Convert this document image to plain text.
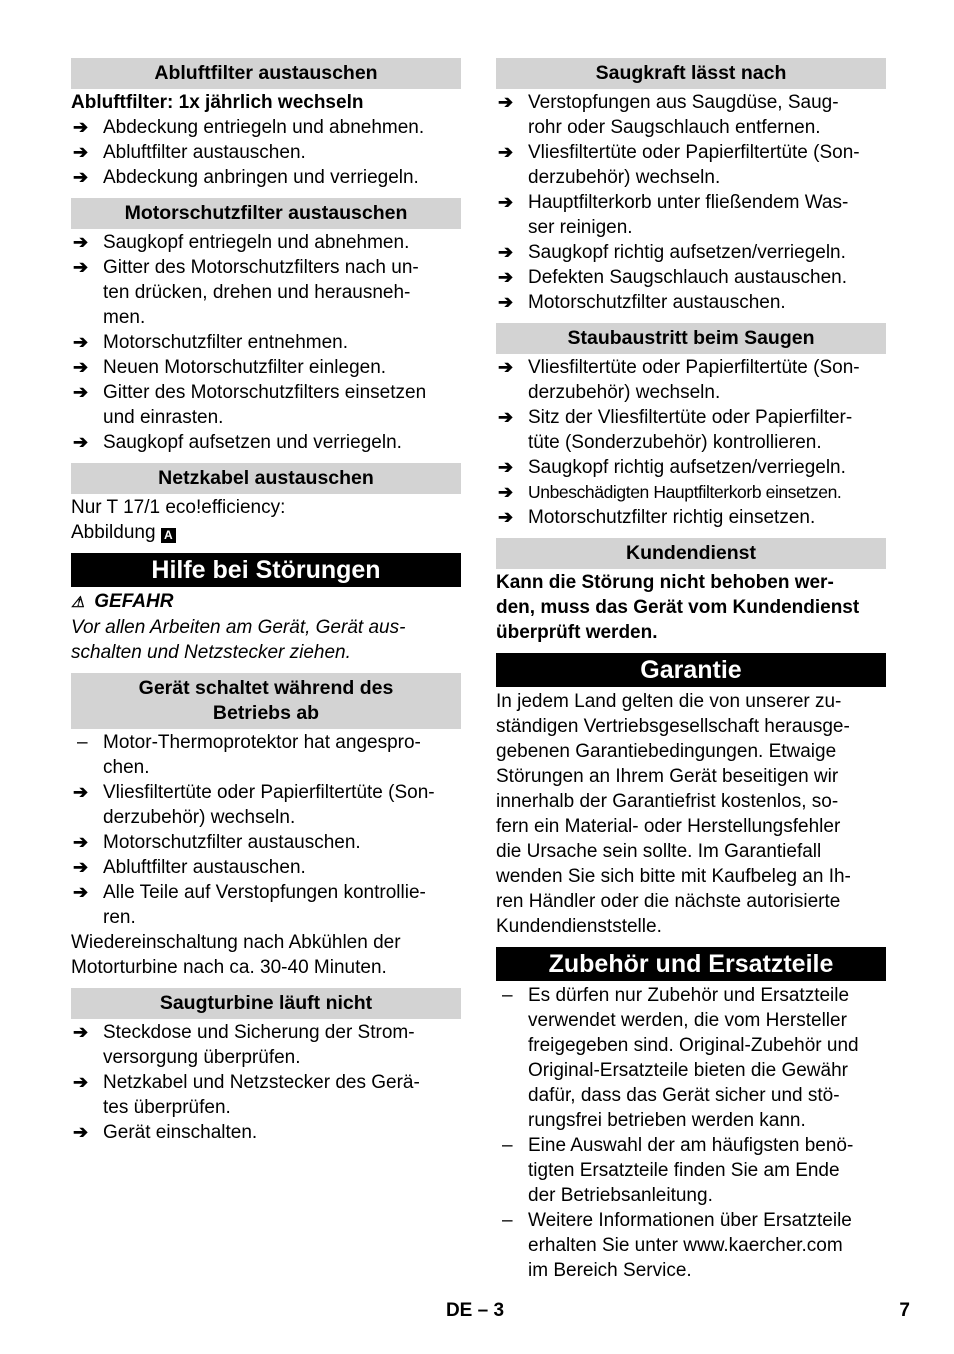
Abluftfilter austauschen
Abluftfilter: 1x jährlich wechseln
➔ Abdeckung entriegeln und abnehmen.
➔ Abluftfilter austauschen.
➔ Abdeckung anbringen und verriegeln.
Motorschutzfilter austauschen
➔ Saugkopf entriegeln und abnehmen.
➔ Gitter des Motorschutzfilters nach un-
ten drücken, drehen und herausneh-
men.
➔ Motorschutzfilter entnehmen.
➔ Neuen Motorschutzfilter einlegen.
➔ Gitter des Motorschutzfilters einsetzen
und einrasten.
➔ Saugkopf aufsetzen und verriegeln.
Netzkabel austauschen
Nur T 17/1 eco!efficiency:
Abbildung A
Hilfe bei Störungen
⚠ GEFAHR
Vor allen Arbeiten am Gerät, Gerät aus-
schalten und Netzstecker ziehen.
Gerät schaltet während des
Betriebs ab
– Motor-Thermoprotektor hat angespro-
chen.
➔ Vliesfiltertüte oder Papierfiltertüte (Son-
derzubehör) wechseln.
➔ Motorschutzfilter austauschen.
➔ Abluftfilter austauschen.
➔ Alle Teile auf Verstopfungen kontrollie-
ren.
Wiedereinschaltung nach Abkühlen der
Motorturbine nach ca. 30-40 Minuten.
Saugturbine läuft nicht
➔ Steckdose und Sicherung der Strom-
versorgung überprüfen.
➔ Netzkabel und Netzstecker des Gerä-
tes überprüfen.
➔ Gerät einschalten.
Saugkraft lässt nach
➔ Verstopfungen aus Saugdüse, Saug-
rohr oder Saugschlauch entfernen.
➔ Vliesfiltertüte oder Papierfiltertüte (Son-
derzubehör) wechseln.
➔ Hauptfilterkorb unter fließendem Was-
ser reinigen.
➔ Saugkopf richtig aufsetzen/verriegeln.
➔ Defekten Saugschlauch austauschen.
➔ Motorschutzfilter austauschen.
Staubaustritt beim Saugen
➔ Vliesfiltertüte oder Papierfiltertüte (Son-
derzubehör) wechseln.
➔ Sitz der Vliesfiltertüte oder Papierfilter-
tüte (Sonderzubehör) kontrollieren.
➔ Saugkopf richtig aufsetzen/verriegeln.
➔ Unbeschädigten Hauptfilterkorb einsetzen.
➔ Motorschutzfilter richtig einsetzen.
Kundendienst
Kann die Störung nicht behoben wer-
den, muss das Gerät vom Kundendienst
überprüft werden.
Garantie
In jedem Land gelten die von unserer zu-
ständigen Vertriebsgesellschaft herausge-
gebenen Garantiebedingungen. Etwaige
Störungen an Ihrem Gerät beseitigen wir
innerhalb der Garantiefrist kostenlos, so-
fern ein Material- oder Herstellungsfehler
die Ursache sein sollte. Im Garantiefall
wenden Sie sich bitte mit Kaufbeleg an Ih-
ren Händler oder die nächste autorisierte
Kundendienststelle.
Zubehör und Ersatzteile
– Es dürfen nur Zubehör und Ersatzteile
verwendet werden, die vom Hersteller
freigegeben sind. Original-Zubehör und
Original-Ersatzteile bieten die Gewähr
dafür, dass das Gerät sicher und stö-
rungsfrei betrieben werden kann.
– Eine Auswahl der am häufigsten benö-
tigten Ersatzteile finden Sie am Ende
der Betriebsanleitung.
– Weitere Informationen über Ersatzteile
erhalten Sie unter www.kaercher.com
im Bereich Service.
DE – 3	7
